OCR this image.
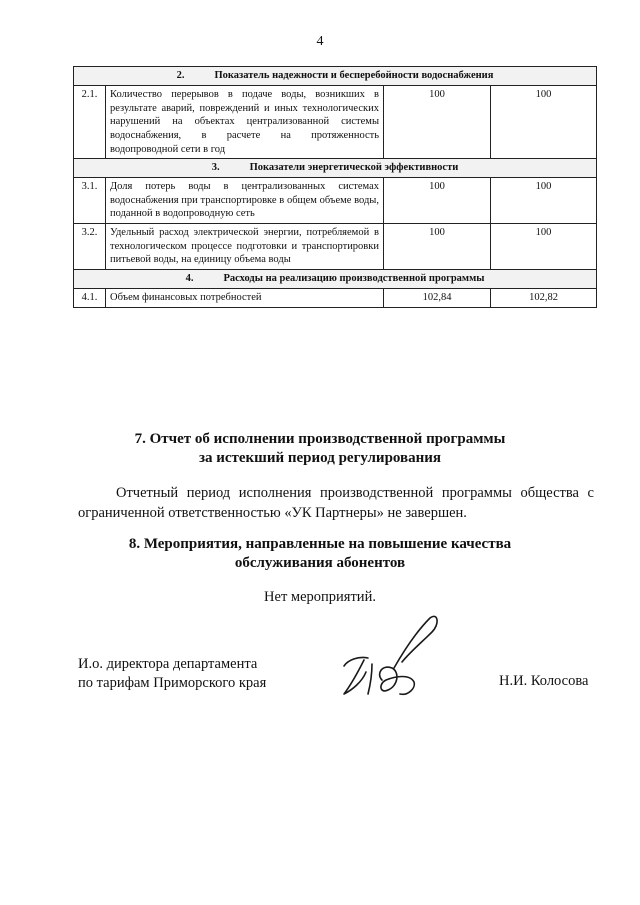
4
2. Показатель надежности и бесперебойности водоснабжения			
2.1.	Количество перерывов в подаче воды, возникших в результате аварий, повреждений и иных технологических нарушений на объектах централизованной системы водоснабжения, в расчете на протяженность водопроводной сети в год	100	100
3. Показатели энергетической эффективности			
3.1.	Доля потерь воды в централизованных системах водоснабжения при транспортировке в общем объеме воды, поданной в водопроводную сеть	100	100
3.2.	Удельный расход электрической энергии, потребляемой в технологическом процессе подготовки и транспортировки питьевой воды, на единицу объема воды	100	100
4. Расходы на реализацию производственной программы			
4.1.	Объем финансовых потребностей	102,84	102,82
7. Отчет об исполнении производственной программы
за истекший период регулирования
Отчетный период исполнения производственной программы общества с ограниченной ответственностью «УК Партнеры» не завершен.
8. Мероприятия, направленные на повышение качества
обслуживания абонентов
Нет мероприятий.
И.о. директора департамента
по тарифам Приморского края	Н.И. Колосова
